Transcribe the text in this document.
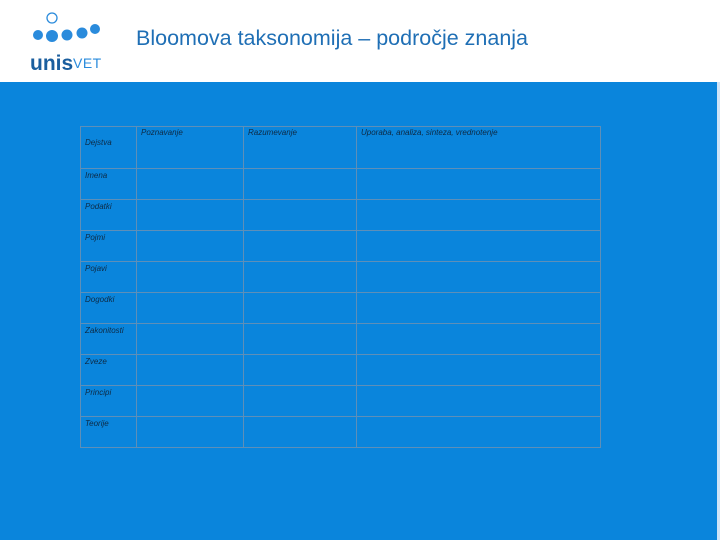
unis VET
Bloomova taksonomija – področje znanja
Dejstva	Poznavanje	Razumevanje	Uporaba, analiza, sinteza, vrednotenje

Imena			

Podatki			

Pojmi			

Pojavi			

Dogodki			

Zakonitosti			

Zveze			

Principi			

Teorije			
